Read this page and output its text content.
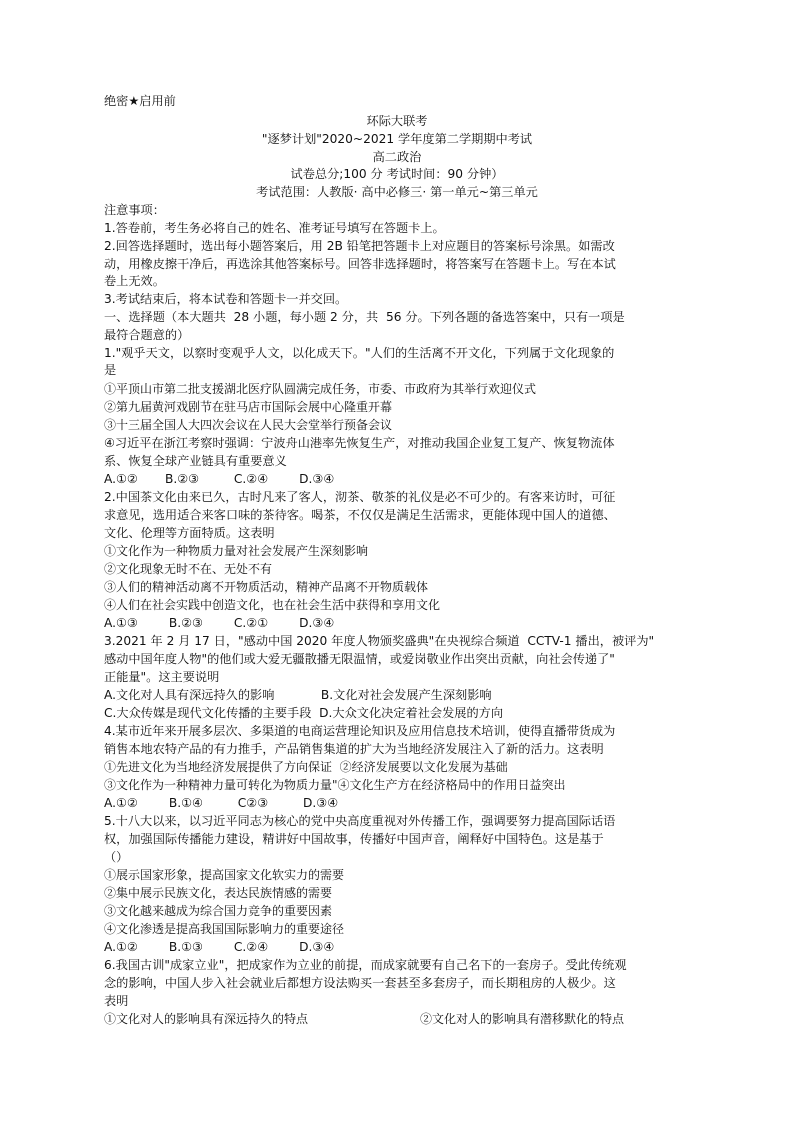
绝密★启用前
环际大联考
"逐梦计划"2020~2021 学年度第二学期期中考试
高二政治
试卷总分;100 分 考试时间：90 分钟）
考试范围：人教版· 高中必修三· 第一单元~第三单元
注意事项：
1.答卷前，考生务必将自己的姓名、准考证号填写在答题卡上。
2.回答选择题时，选出每小题答案后，用 2B 铅笔把答题卡上对应题目的答案标号涂黑。如需改
动，用橡皮擦干净后，再选涂其他答案标号。回答非选择题时，将答案写在答题卡上。写在本试
卷上无效。
3.考试结束后，将本试卷和答题卡一并交回。
一、选择题（本大题共  28 小题，每小题 2 分，共  56 分。下列各题的备选答案中，只有一项是
最符合题意的）
1."观乎天文，以察时变观乎人文，以化成天下。"人们的生活离不开文化，下列属于文化现象的
是
①平顶山市第二批支援湖北医疗队圆满完成任务，市委、市政府为其举行欢迎仪式
②第九届黄河戏剧节在驻马店市国际会展中心隆重开幕
③十三届全国人大四次会议在人民大会堂举行预备会议
④习近平在浙江考察时强调：宁波舟山港率先恢复生产，对推动我国企业复工复产、恢复物流体
系、恢复全球产业链具有重要意义
A.①②       B.②③         C.②④        D.③④
2.中国茶文化由来已久，古时凡来了客人，沏茶、敬茶的礼仪是必不可少的。有客来访时，可征
求意见，选用适合来客口味的茶待客。喝茶，不仅仅是满足生活需求，更能体现中国人的道德、
文化、伦理等方面特质。这表明
①文化作为一种物质力量对社会发展产生深刻影响
②文化现象无时不在、无处不有
③人们的精神活动离不开物质活动，精神产品离不开物质载体
④人们在社会实践中创造文化，也在社会生活中获得和享用文化
A.①③        B.②③        C.②①        D.③④
3.2021 年 2 月 17 日，"感动中国 2020 年度人物颁奖盛典"在央视综合频道  CCTV-1 播出，被评为"
感动中国年度人物"的他们或大爱无疆散播无限温情，或爱岗敬业作出突出贡献，向社会传递了"
正能量"。这主要说明
A.文化对人具有深远持久的影响            B.文化对社会发展产生深刻影响
C.大众传媒是现代文化传播的主要手段  D.大众文化决定着社会发展的方向
4.某市近年来开展多层次、多渠道的电商运营理论知识及应用信息技术培训，使得直播带货成为
销售本地农特产品的有力推手，产品销售集道的扩大为当地经济发展注入了新的活力。这表明
①先进文化为当地经济发展提供了方向保证  ②经济发展要以文化发展为基础
③文化作为一种精神力量可转化为物质力量"④文化生产方在经济格局中的作用日益突出
A.①②        B.①④         C②③         D.③④
5.十八大以来，以习近平同志为核心的党中央高度重视对外传播工作，强调要努力提高国际话语
权，加强国际传播能力建设，精讲好中国故事，传播好中国声音，阐释好中国特色。这是基于
（）
①展示国家形象，提高国家文化软实力的需要
②集中展示民族文化，表达民族情感的需要
③文化越来越成为综合国力竞争的重要因素
④文化渗透是提高我国国际影响力的重要途径
A.①②        B.①③        C.②④        D.③④
6.我国古训"成家立业"，把成家作为立业的前提，而成家就要有自己名下的一套房子。受此传统观
念的影响，中国人步入社会就业后都想方设法购买一套甚至多套房子，而长期租房的人极少。这
表明
①文化对人的影响具有深远持久的特点	②文化对人的影响具有潜移默化的特点
